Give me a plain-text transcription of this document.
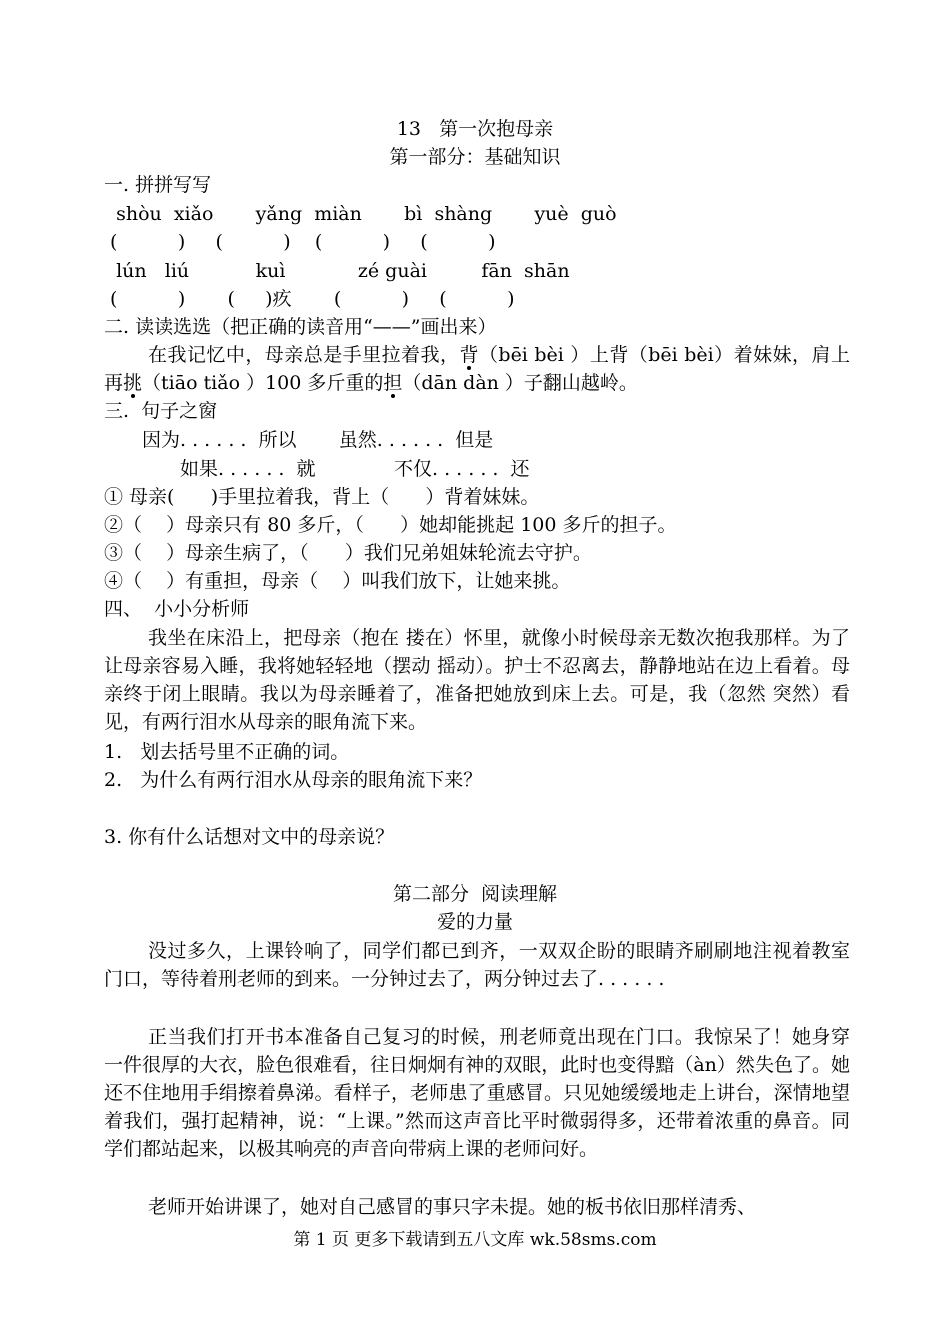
13   第一次抱母亲
第一部分：基础知识
一. 拼拼写写
shòu  xiǎo       yǎng  miàn       bì  shàng       yuè  guò
(          )     (          )    (          )     (          )
lún   liú           kuì            zé guài         fān  shān
(          )       (     )疚       (          )     (          )
二. 读读选选（把正确的读音用“——”画出来）
在我记忆中，母亲总是手里拉着我，背（bēi bèi ）上背（bēi bèi）着妹妹，肩上再挑（tiāo tiǎo ）100 多斤重的担（dān dàn ）子翻山越岭。
三.  句子之窗
因为. . . . . .  所以       虽然. . . . . .  但是
如果. . . . . .  就             不仅. . . . . .  还
① 母亲(      )手里拉着我，背上（      ）背着妹妹。
②（    ）母亲只有 80 多斤，（      ）她却能挑起 100 多斤的担子。
③（    ）母亲生病了，（      ）我们兄弟姐妹轮流去守护。
④（    ）有重担，母亲（    ）叫我们放下，让她来挑。
四、  小小分析师
我坐在床沿上，把母亲（抱在 搂在）怀里，就像小时候母亲无数次抱我那样。为了让母亲容易入睡，我将她轻轻地（摆动 摇动）。护士不忍离去，静静地站在边上看着。母亲终于闭上眼睛。我以为母亲睡着了，准备把她放到床上去。可是，我（忽然 突然）看见，有两行泪水从母亲的眼角流下来。
1.   划去括号里不正确的词。
2.   为什么有两行泪水从母亲的眼角流下来？
3. 你有什么话想对文中的母亲说？
第二部分  阅读理解
爱的力量
没过多久，上课铃响了，同学们都已到齐，一双双企盼的眼睛齐刷刷地注视着教室门口，等待着刑老师的到来。一分钟过去了，两分钟过去了. . . . . .
正当我们打开书本准备自己复习的时候，刑老师竟出现在门口。我惊呆了！她身穿一件很厚的大衣，脸色很难看，往日炯炯有神的双眼，此时也变得黯（àn）然失色了。她还不住地用手绢擦着鼻涕。看样子，老师患了重感冒。只见她缓缓地走上讲台，深情地望着我们，强打起精神，说：“上课。”然而这声音比平时微弱得多，还带着浓重的鼻音。同学们都站起来，以极其响亮的声音向带病上课的老师问好。
老师开始讲课了，她对自己感冒的事只字未提。她的板书依旧那样清秀、
第 1 页 更多下载请到五八文库 wk.58sms.com
